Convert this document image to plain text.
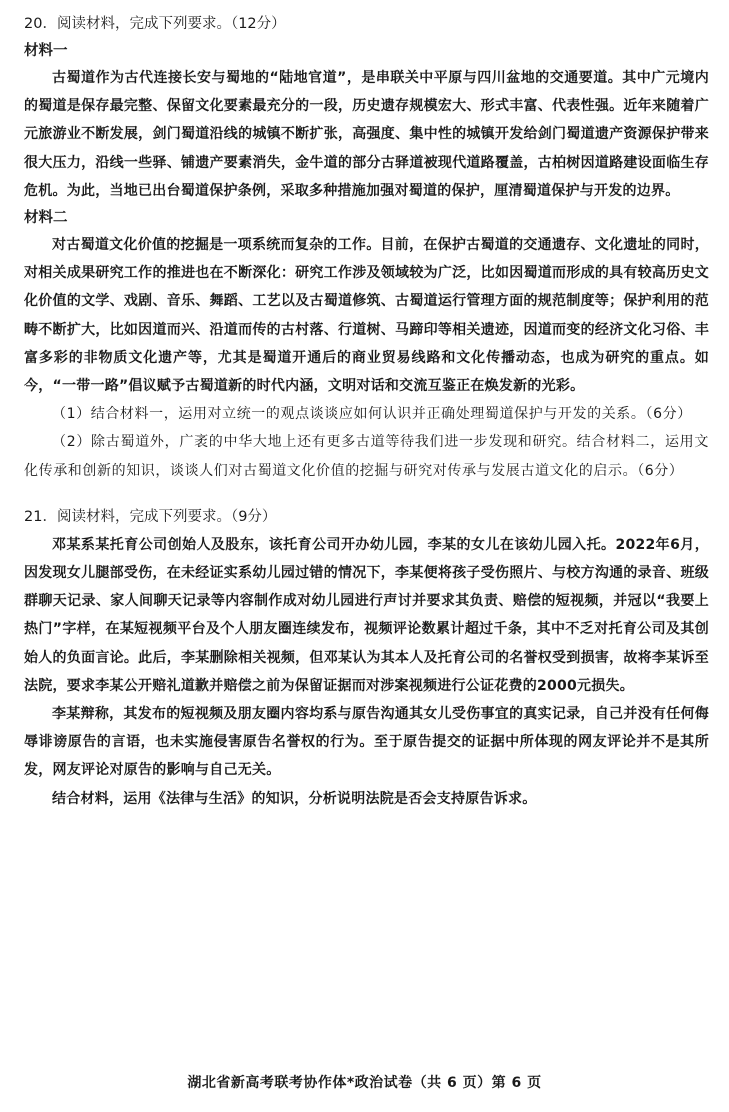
20．阅读材料，完成下列要求。（12分）

材料一

古蜀道作为古代连接长安与蜀地的“陆地官道”，是串联关中平原与四川盆地的交通要道。其中广元境内的蜀道是保存最完整、保留文化要素最充分的一段，历史遗存规模宏大、形式丰富、代表性强。近年来随着广元旅游业不断发展，剑门蜀道沿线的城镇不断扩张，高强度、集中性的城镇开发给剑门蜀道遗产资源保护带来很大压力，沿线一些驿、铺遗产要素消失，金牛道的部分古驿道被现代道路覆盖，古柏树因道路建设面临生存危机。为此，当地已出台蜀道保护条例，采取多种措施加强对蜀道的保护，厘清蜀道保护与开发的边界。

材料二

对古蜀道文化价值的挖掘是一项系统而复杂的工作。目前，在保护古蜀道的交通遗存、文化遗址的同时，对相关成果研究工作的推进也在不断深化：研究工作涉及领域较为广泛，比如因蜀道而形成的具有较高历史文化价值的文学、戏剧、音乐、舞蹈、工艺以及古蜀道修筑、古蜀道运行管理方面的规范制度等；保护利用的范畴不断扩大，比如因道而兴、沿道而传的古村落、行道树、马蹄印等相关遗迹，因道而变的经济文化习俗、丰富多彩的非物质文化遗产等，尤其是蜀道开通后的商业贸易线路和文化传播动态，也成为研究的重点。如今，“一带一路”倡议赋予古蜀道新的时代内涵，文明对话和交流互鉴正在焕发新的光彩。

（1）结合材料一，运用对立统一的观点谈谈应如何认识并正确处理蜀道保护与开发的关系。（6分）

（2）除古蜀道外，广袤的中华大地上还有更多古道等待我们进一步发现和研究。结合材料二，运用文化传承和创新的知识，谈谈人们对古蜀道文化价值的挖掘与研究对传承与发展古道文化的启示。（6分）

21．阅读材料，完成下列要求。（9分）

邓某系某托育公司创始人及股东，该托育公司开办幼儿园，李某的女儿在该幼儿园入托。2022年6月，因发现女儿腿部受伤，在未经证实系幼儿园过错的情况下，李某便将孩子受伤照片、与校方沟通的录音、班级群聊天记录、家人间聊天记录等内容制作成对幼儿园进行声讨并要求其负责、赔偿的短视频，并冠以“我要上热门”字样，在某短视频平台及个人朋友圈连续发布，视频评论数累计超过千条，其中不乏对托育公司及其创始人的负面言论。此后，李某删除相关视频，但邓某认为其本人及托育公司的名誉权受到损害，故将李某诉至法院，要求李某公开赔礼道歉并赔偿之前为保留证据而对涉案视频进行公证花费的2000元损失。

李某辩称，其发布的短视频及朋友圈内容均系与原告沟通其女儿受伤事宜的真实记录，自己并没有任何侮辱诽谤原告的言语，也未实施侵害原告名誉权的行为。至于原告提交的证据中所体现的网友评论并不是其所发，网友评论对原告的影响与自己无关。

结合材料，运用《法律与生活》的知识，分析说明法院是否会支持原告诉求。

湖北省新高考联考协作体*政治试卷（共 6 页）第 6 页
